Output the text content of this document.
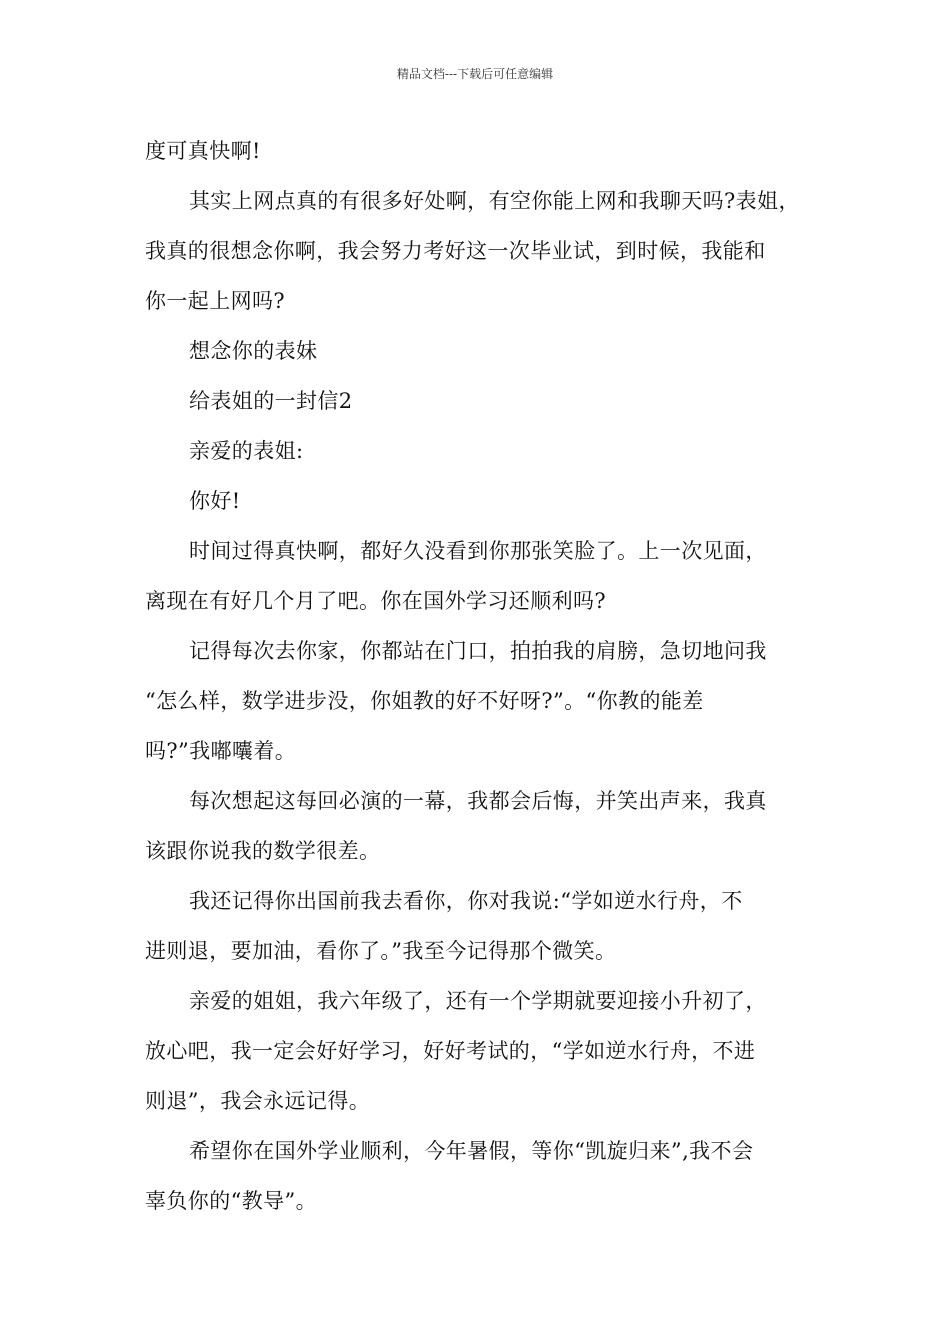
精品文档---下载后可任意编辑

度可真快啊!

其实上网点真的有很多好处啊，有空你能上网和我聊天吗?表姐，

我真的很想念你啊，我会努力考好这一次毕业试，到时候，我能和

你一起上网吗?

想念你的表妹

给表姐的一封信2

亲爱的表姐:

你好!

时间过得真快啊，都好久没看到你那张笑脸了。上一次见面，

离现在有好几个月了吧。你在国外学习还顺利吗?

记得每次去你家，你都站在门口，拍拍我的肩膀，急切地问我

“怎么样，数学进步没，你姐教的好不好呀?”。“你教的能差

吗?”我嘟囔着。

每次想起这每回必演的一幕，我都会后悔，并笑出声来，我真

该跟你说我的数学很差。

我还记得你出国前我去看你，你对我说:“学如逆水行舟，不

进则退，要加油，看你了。”我至今记得那个微笑。

亲爱的姐姐，我六年级了，还有一个学期就要迎接小升初了，

放心吧，我一定会好好学习，好好考试的，“学如逆水行舟，不进

则退”，我会永远记得。

希望你在国外学业顺利，今年暑假，等你“凯旋归来”,我不会

辜负你的“教导”。
